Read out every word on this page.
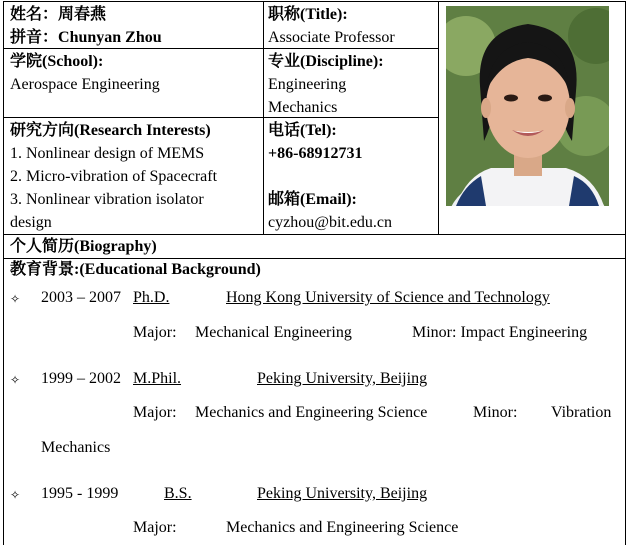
姓名：周春燕
拼音：Chunyan Zhou
职称(Title):
Associate Professor
学院(School):
Aerospace Engineering
专业(Discipline):
Engineering
Mechanics
研究方向(Research Interests)
1. Nonlinear design of MEMS
2. Micro-vibration of Spacecraft
3. Nonlinear vibration isolator
design
电话(Tel):
+86-68912731

邮箱(Email):
cyzhou@bit.edu.cn
个人简历(Biography)
教育背景:(Educational Background)
✧ 2003 – 2007 Ph.D.	Hong Kong University of Science and Technology
Major: Mechanical Engineering	Minor: Impact Engineering
✧ 1999 – 2002 M.Phil.	Peking University, Beijing
Major: Mechanics and Engineering Science	Minor: Vibration
Mechanics
✧ 1995 - 1999	B.S.	Peking University, Beijing
Major:	Mechanics and Engineering Science
